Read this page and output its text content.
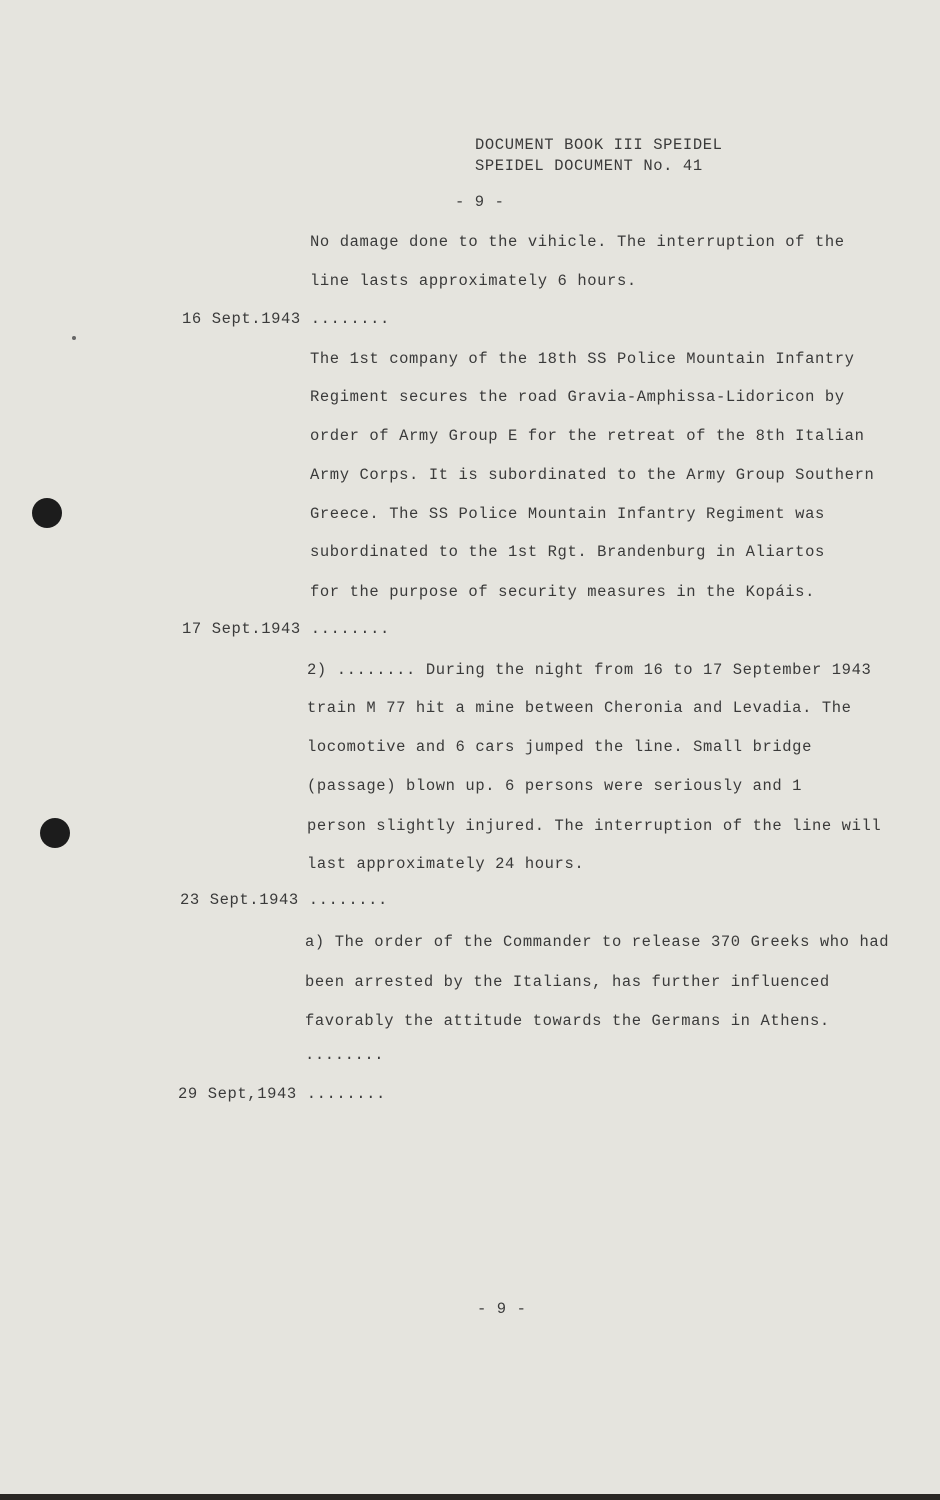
DOCUMENT BOOK III SPEIDEL
SPEIDEL DOCUMENT No. 41
- 9 -
No damage done to the vihicle. The interruption of the
line lasts approximately 6 hours.
16 Sept.1943 ........
The 1st company of the 18th SS Police Mountain Infantry
Regiment secures the road Gravia-Amphissa-Lidoricon by
order of Army Group E for the retreat of the 8th Italian
Army Corps. It is subordinated to the Army Group Southern
Greece. The SS Police Mountain Infantry Regiment was
subordinated to the 1st Rgt. Brandenburg in Aliartos
for the purpose of security measures in the Kopáis.
17 Sept.1943 ........
2) ........ During the night from 16 to 17 September 1943
train M 77 hit a mine between Cheronia and Levadia. The
locomotive and 6 cars jumped the line. Small bridge
(passage) blown up. 6 persons were seriously and 1
person slightly injured. The interruption of the line will
last approximately 24 hours.
23 Sept.1943 ........
a) The order of the Commander to release 370 Greeks who had
been arrested by the Italians, has further influenced
favorably the attitude towards the Germans in Athens.
........
29 Sept,1943 ........
- 9 -
